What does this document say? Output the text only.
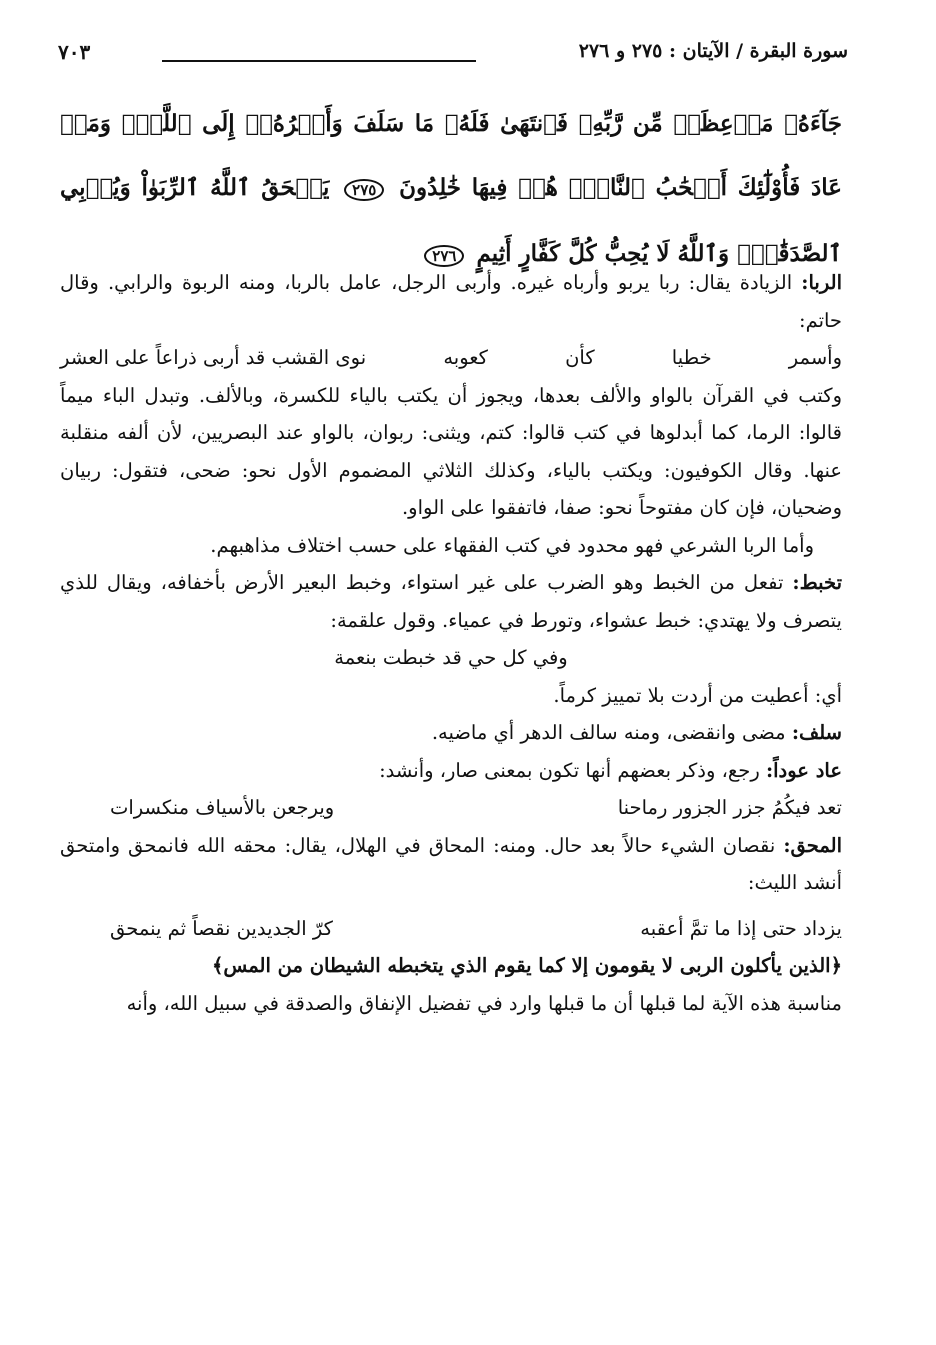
سورة البقرة / الآيتان : ٢٧٥ و ٢٧٦
٧٠٣
جَآءَهُۥ مَوۡعِظَةٞ مِّن رَّبِّهِۦ فَٱنتَهَىٰ فَلَهُۥ مَا سَلَفَ وَأَمۡرُهُۥٓ إِلَى ٱللَّهِۖ وَمَنۡ عَادَ فَأُوْلَٰٓئِكَ أَصۡحَٰبُ ٱلنَّارِۖ هُمۡ فِيهَا خَٰلِدُونَ ٢٧٥ يَمۡحَقُ ٱللَّهُ ٱلرِّبَوٰاْ وَيُرۡبِي ٱلصَّدَقَٰتِۗ وَٱللَّهُ لَا يُحِبُّ كُلَّ كَفَّارٍ أَثِيمٍ ٢٧٦

الربا: الزيادة يقال: ربا يربو وأرباه غيره. وأربى الرجل، عامل بالربا، ومنه الربوة والرابي. وقال حاتم:

وأسمر
خطيا
كأن
كعوبه
نوى القشب قد أربى ذراعاً على العشر

وكتب في القرآن بالواو والألف بعدها، ويجوز أن يكتب بالياء للكسرة، وبالألف. وتبدل الباء ميماً قالوا: الرما، كما أبدلوها في كتب قالوا: كتم، ويثنى: ربوان، بالواو عند البصريين، لأن ألفه منقلبة عنها. وقال الكوفيون: ويكتب بالياء، وكذلك الثلاثي المضموم الأول نحو: ضحى، فتقول: ربيان وضحيان، فإن كان مفتوحاً نحو: صفا، فاتفقوا على الواو.

وأما الربا الشرعي فهو محدود في كتب الفقهاء على حسب اختلاف مذاهبهم.

تخبط: تفعل من الخبط وهو الضرب على غير استواء، وخبط البعير الأرض بأخفافه، ويقال للذي يتصرف ولا يهتدي: خبط عشواء، وتورط في عمياء. وقول علقمة:

وفي كل حي قد خبطت بنعمة

أي: أعطيت من أردت بلا تمييز كرماً.

سلف: مضى وانقضى، ومنه سالف الدهر أي ماضيه.

عاد عوداً: رجع، وذكر بعضهم أنها تكون بمعنى صار، وأنشد:

تعد فيكُمُ جزر الجزور رماحنا
ويرجعن بالأسياف منكسرات

المحق: نقصان الشيء حالاً بعد حال. ومنه: المحاق في الهلال، يقال: محقه الله فانمحق وامتحق أنشد الليث:

يزداد حتى إذا ما تمَّ أعقبه
كرّ الجديدين نقصاً ثم ينمحق

﴿الذين يأكلون الربى لا يقومون إلا كما يقوم الذي يتخبطه الشيطان من المس﴾

مناسبة هذه الآية لما قبلها أن ما قبلها وارد في تفضيل الإنفاق والصدقة في سبيل الله، وأنه
